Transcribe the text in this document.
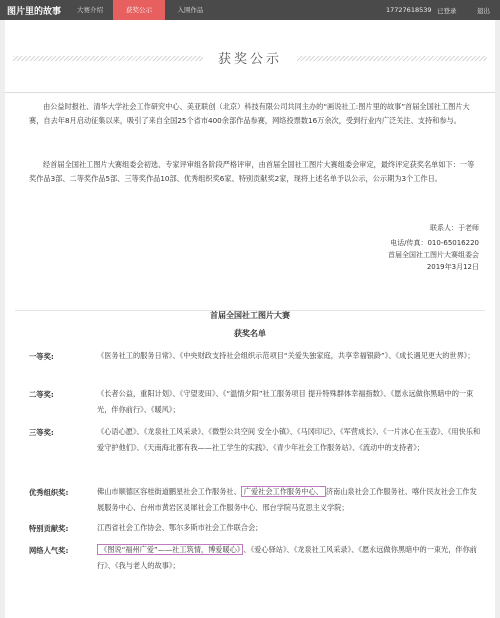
图片里的故事	大赛介绍	获奖公示	入围作品	17727618539 已登录	退出
获奖公示

由公益时报社、清华大学社会工作研究中心、美亚联创（北京）科技有限公司共同主办的“画说社工:图片里的故事”首届全国社工图片大赛，自去年8月启动征集以来，吸引了来自全国25个省市400余部作品参赛，网络投票数16万余次，受到行业内广泛关注、支持和参与。

经首届全国社工图片大赛组委会初选、专家评审组各阶段严格评审，由首届全国社工图片大赛组委会审定，最终评定获奖名单如下：一等奖作品3部、二等奖作品5部、三等奖作品10部、优秀组织奖6家、特别贡献奖2家，现将上述名单予以公示，公示期为3个工作日。

联系人：于老师
电话/传真：010-65016220
首届全国社工图片大赛组委会
2019年3月12日
首届全国社工图片大赛
获奖名单
一等奖:	《医务社工的服务日常》、《中央财政支持社会组织示范项目“关爱失独家庭，共享幸福银龄”》、《成长遇见更大的世界》；

二等奖:	《长者公益，重阳计划》、《守望麦田》、《“温情夕阳”社工服务项目 提升特殊群体幸福指数》、《愿永远做你黑暗中的一束光，伴你前行》、《暖风》；

三等奖:	《心语心愿》、《龙泉社工风采录》、《微型公共空间 安全小镇》、《马冈印记》、《军营成长》、《一片冰心在玉壶》、《用快乐和爱守护他们》、《天南海北都有我——社工学生的实践》、《青少年社会工作服务站》、《流动中的支持者》；

优秀组织奖:	佛山市顺德区容桂街道鹏星社会工作服务社、 广爱社会工作服务中心、 济南山泉社会工作服务社、喀什民友社会工作发展服务中心、台州市黄岩区灵犀社会工作服务中心、邢台学院马克思主义学院；

特别贡献奖:	江西省社会工作协会、鄂尔多斯市社会工作联合会；

网络人气奖:	《图说“福州广爱”——社工筑情，博爱暖心》 、《爱心驿站》、《龙泉社工风采录》、《愿永远做你黑暗中的一束光，伴你前行》、《我与老人的故事》；
